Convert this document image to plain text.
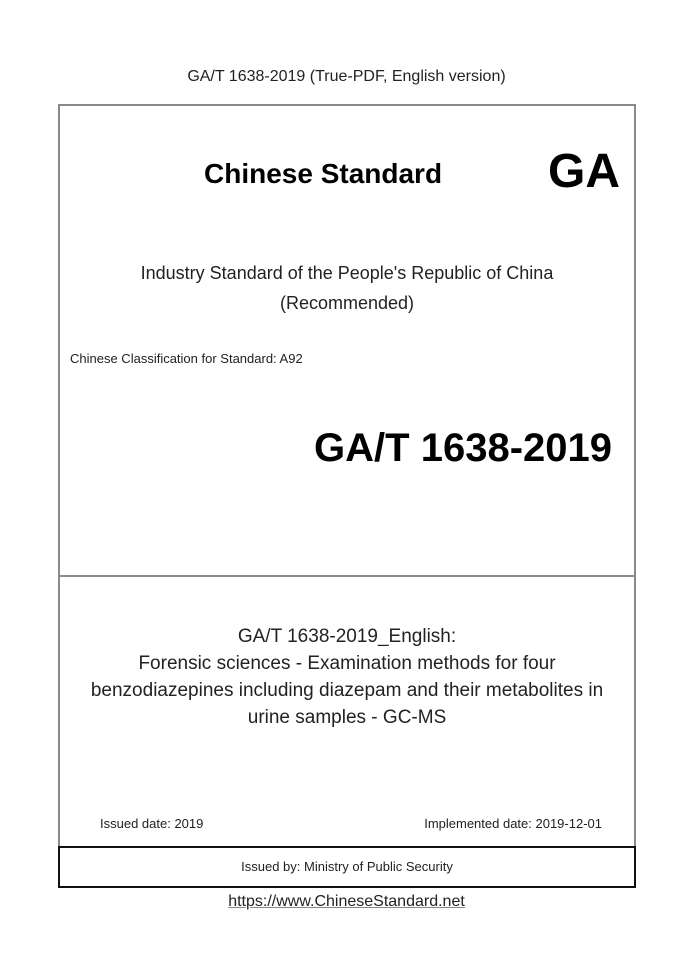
GA/T 1638-2019 (True-PDF, English version)
Chinese Standard GA
Industry Standard of the People's Republic of China
(Recommended)
Chinese Classification for Standard: A92
GA/T 1638-2019
GA/T 1638-2019_English:
Forensic sciences - Examination methods for four
benzodiazepines including diazepam and their metabolites in
urine samples - GC-MS
Issued date: 2019	Implemented date: 2019-12-01
Issued by: Ministry of Public Security
https://www.ChineseStandard.net
